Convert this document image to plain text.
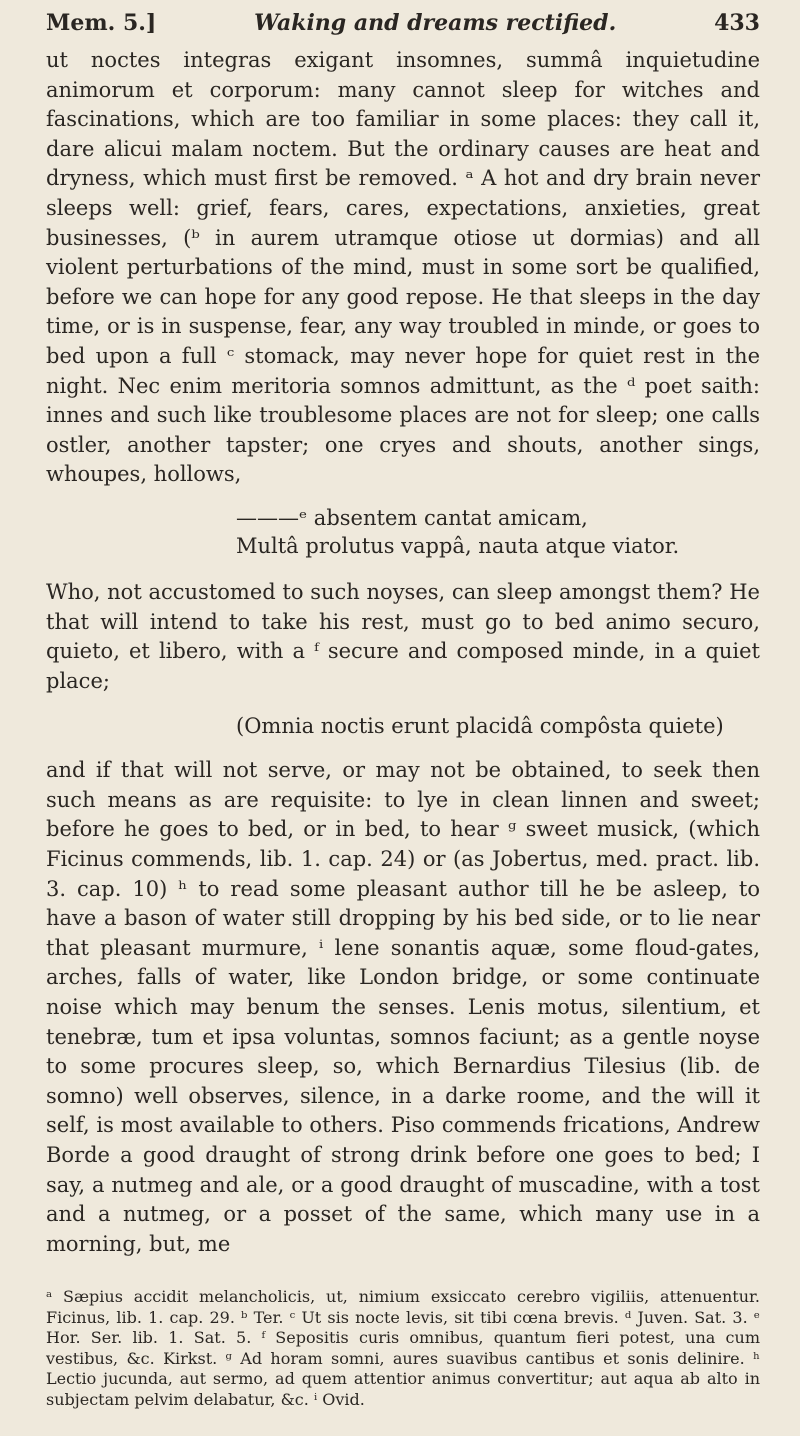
Mem. 5.]	Waking and dreams rectified.	433

ut noctes integras exigant insomnes, summâ inquietudine animorum et corporum: many cannot sleep for witches and fascinations, which are too familiar in some places: they call it, dare alicui malam noctem. But the ordinary causes are heat and dryness, which must first be removed. ᵃ A hot and dry brain never sleeps well: grief, fears, cares, expectations, anxieties, great businesses, (ᵇ in aurem utramque otiose ut dormias) and all violent perturbations of the mind, must in some sort be qualified, before we can hope for any good repose. He that sleeps in the day time, or is in suspense, fear, any way troubled in minde, or goes to bed upon a full ᶜ stomack, may never hope for quiet rest in the night. Nec enim meritoria somnos admittunt, as the ᵈ poet saith: innes and such like troublesome places are not for sleep; one calls ostler, another tapster; one cryes and shouts, another sings, whoupes, hollows,

———ᵉ absentem cantat amicam,
Multâ prolutus vappâ, nauta atque viator.

Who, not accustomed to such noyses, can sleep amongst them? He that will intend to take his rest, must go to bed animo securo, quieto, et libero, with a ᶠ secure and composed minde, in a quiet place;

(Omnia noctis erunt placidâ compôsta quiete)

and if that will not serve, or may not be obtained, to seek then such means as are requisite: to lye in clean linnen and sweet; before he goes to bed, or in bed, to hear ᵍ sweet musick, (which Ficinus commends, lib. 1. cap. 24) or (as Jobertus, med. pract. lib. 3. cap. 10) ʰ to read some pleasant author till he be asleep, to have a bason of water still dropping by his bed side, or to lie near that pleasant murmure, ⁱ lene sonantis aquæ, some floud-gates, arches, falls of water, like London bridge, or some continuate noise which may benum the senses. Lenis motus, silentium, et tenebræ, tum et ipsa voluntas, somnos faciunt; as a gentle noyse to some procures sleep, so, which Bernardius Tilesius (lib. de somno) well observes, silence, in a darke roome, and the will it self, is most available to others. Piso commends frications, Andrew Borde a good draught of strong drink before one goes to bed; I say, a nutmeg and ale, or a good draught of muscadine, with a tost and a nutmeg, or a posset of the same, which many use in a morning, but, me

ᵃ Sæpius accidit melancholicis, ut, nimium exsiccato cerebro vigiliis, attenuentur. Ficinus, lib. 1. cap. 29. ᵇ Ter. ᶜ Ut sis nocte levis, sit tibi cœna brevis. ᵈ Juven. Sat. 3. ᵉ Hor. Ser. lib. 1. Sat. 5. ᶠ Sepositis curis omnibus, quantum fieri potest, una cum vestibus, &c. Kirkst. ᵍ Ad horam somni, aures suavibus cantibus et sonis delinire. ʰ Lectio jucunda, aut sermo, ad quem attentior animus convertitur; aut aqua ab alto in subjectam pelvim delabatur, &c. ⁱ Ovid.
